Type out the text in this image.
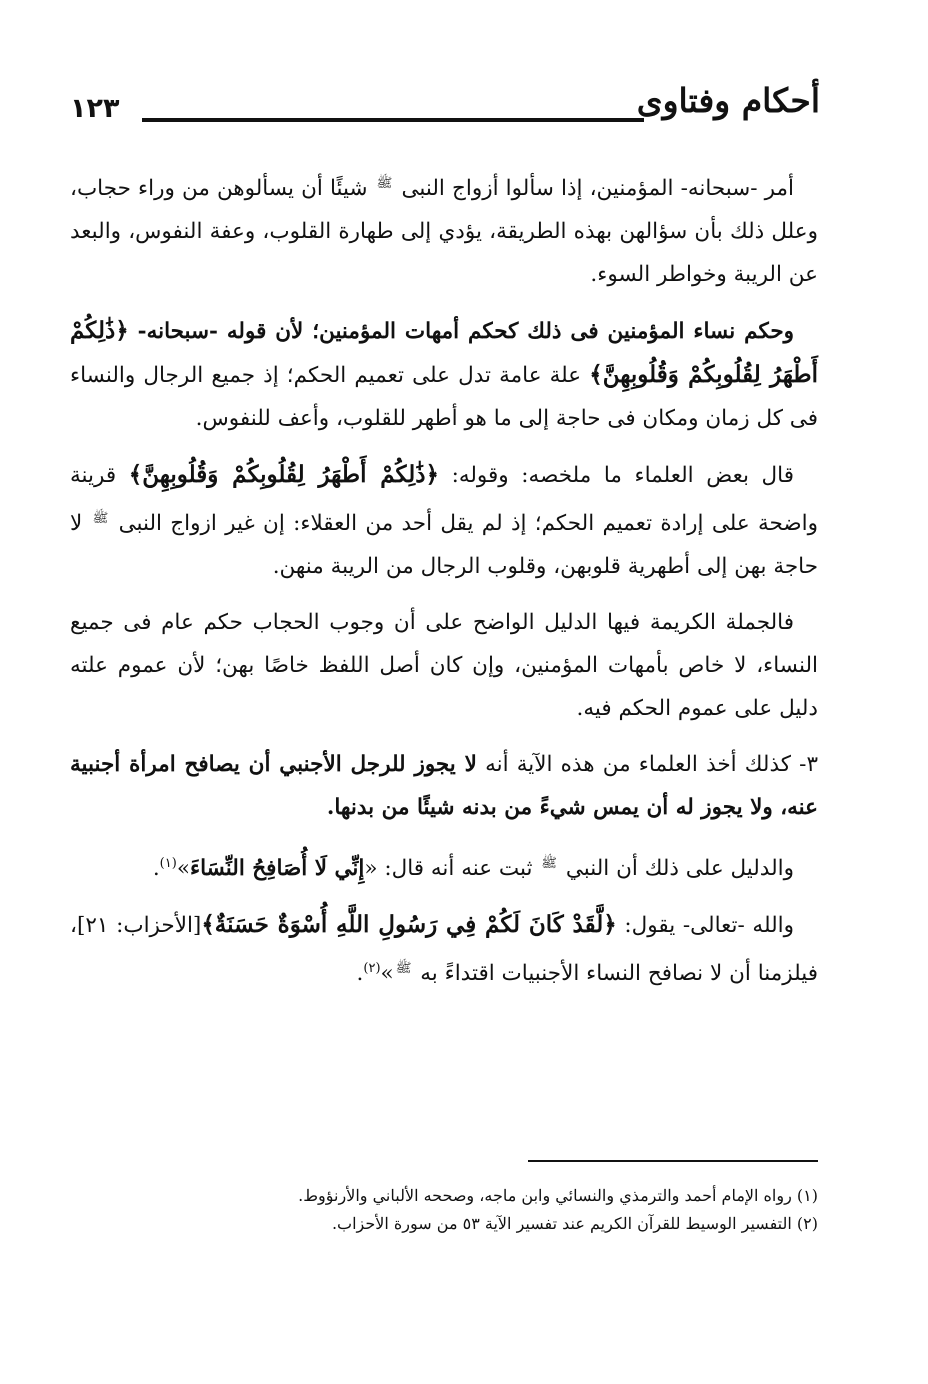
أحكام وفتاوى
١٢٣

أمر -سبحانه- المؤمنين، إذا سألوا أزواج النبى $^ﷺ$ شيئًا أن يسألوهن من وراء حجاب، وعلل ذلك بأن سؤالهن بهذه الطريقة، يؤدي إلى طهارة القلوب، وعفة النفوس، والبعد عن الريبة وخواطر السوء.

وحكم نساء المؤمنين فى ذلك كحكم أمهات المؤمنين؛ لأن قوله -سبحانه- ﴿ذَٰلِكُمْ أَطْهَرُ لِقُلُوبِكُمْ وَقُلُوبِهِنَّ﴾ علة عامة تدل على تعميم الحكم؛ إذ جميع الرجال والنساء فى كل زمان ومكان فى حاجة إلى ما هو أطهر للقلوب، وأعف للنفوس.

قال بعض العلماء ما ملخصه: وقوله: ﴿ذَٰلِكُمْ أَطْهَرُ لِقُلُوبِكُمْ وَقُلُوبِهِنَّ﴾ قرينة واضحة على إرادة تعميم الحكم؛ إذ لم يقل أحد من العقلاء: إن غير ازواج النبى $^ﷺ$ لا حاجة بهن إلى أطهرية قلوبهن، وقلوب الرجال من الريبة منهن.

فالجملة الكريمة فيها الدليل الواضح على أن وجوب الحجاب حكم عام فى جميع النساء، لا خاص بأمهات المؤمنين، وإن كان أصل اللفظ خاصًا بهن؛ لأن عموم علته دليل على عموم الحكم فيه.

٣- كذلك أخذ العلماء من هذه الآية أنه لا يجوز للرجل الأجنبي أن يصافح امرأة أجنبية عنه، ولا يجوز له أن يمس شيءً من بدنه شيئًا من بدنها.

والدليل على ذلك أن النبي $^ﷺ$ ثبت عنه أنه قال: «إِنِّي لَا أُصَافِحُ النِّسَاءَ»$^{(١)}$.

والله -تعالى- يقول: ﴿لَّقَدْ كَانَ لَكُمْ فِي رَسُولِ اللَّهِ أُسْوَةٌ حَسَنَةٌ﴾[الأحزاب: ٢١]، فيلزمنا أن لا نصافح النساء الأجنبيات اقتداءً به $^ﷺ$»$^{(٢)}$.

(١) رواه الإمام أحمد والترمذي والنسائي وابن ماجه، وصححه الألباني والأرنؤوط.

(٢) التفسير الوسيط للقرآن الكريم عند تفسير الآية ٥٣ من سورة الأحزاب.
